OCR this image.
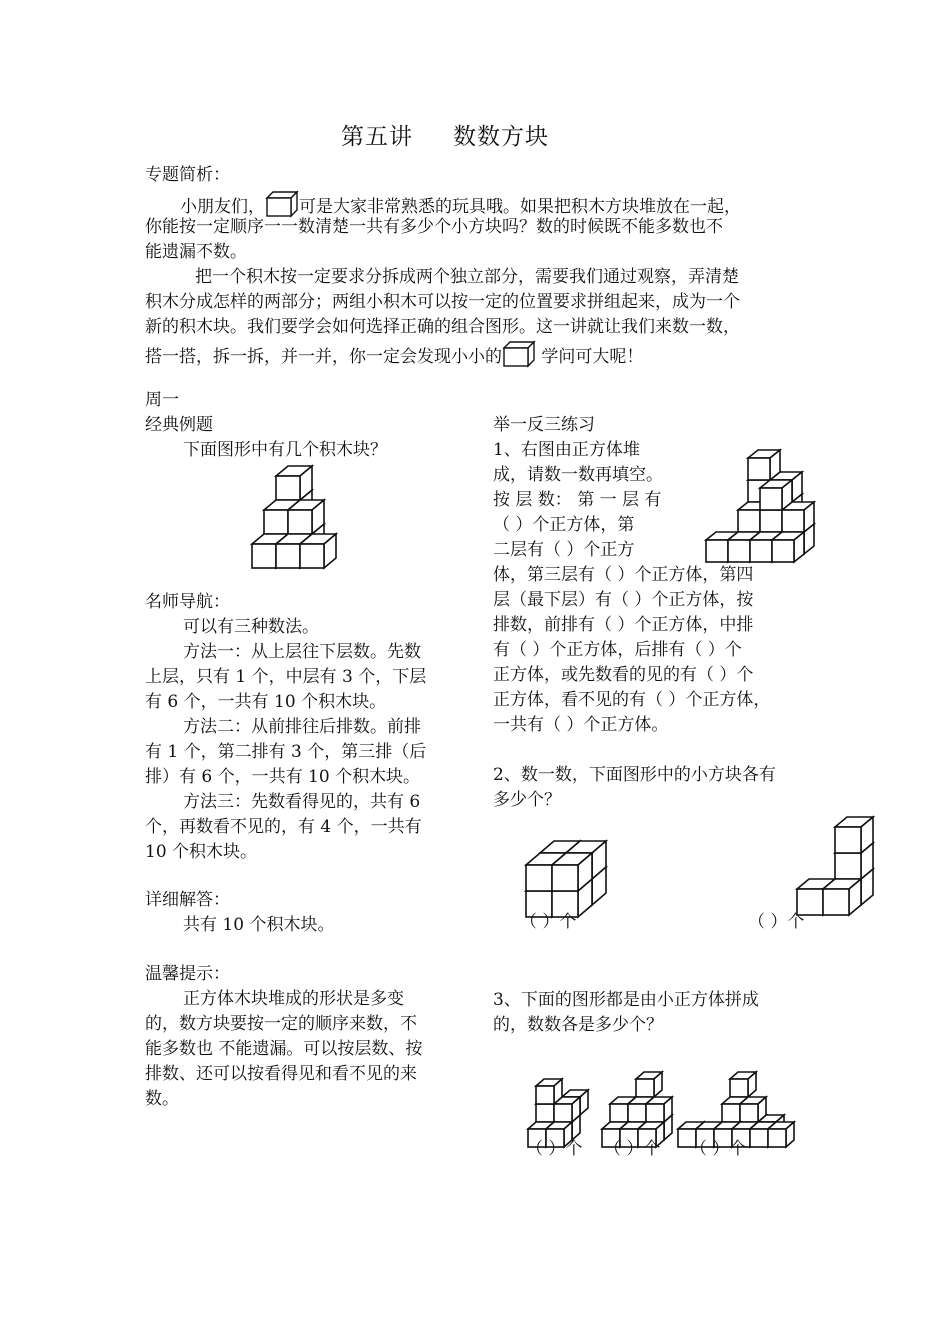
第五讲 数数方块
专题简析：
小朋友们， 可是大家非常熟悉的玩具哦。如果把积木方块堆放在一起，
你能按一定顺序一一数清楚一共有多少个小方块吗？数的时候既不能多数也不
能遗漏不数。
把一个积木按一定要求分拆成两个独立部分，需要我们通过观察，弄清楚
积木分成怎样的两部分；两组小积木可以按一定的位置要求拼组起来，成为一个
新的积木块。我们要学会如何选择正确的组合图形。这一讲就让我们来数一数，
搭一搭，拆一拆，并一并，你一定会发现小小的 学问可大呢！
周一
经典例题
下面图形中有几个积木块？
名师导航：
可以有三种数法。
方法一：从上层往下层数。先数
上层，只有 1 个，中层有 3 个，下层
有 6 个，一共有 10 个积木块。
方法二：从前排往后排数。前排
有 1 个，第二排有 3 个，第三排（后
排）有 6 个，一共有 10 个积木块。
方法三：先数看得见的，共有 6
个，再数看不见的，有 4 个，一共有
10 个积木块。
详细解答：
共有 10 个积木块。
温馨提示：
正方体木块堆成的形状是多变
的，数方块要按一定的顺序来数，不
能多数也 不能遗漏。可以按层数、按
排数、还可以按看得见和看不见的来
数。
举一反三练习
1、右图由正方体堆
成，请数一数再填空。
按 层 数： 第 一 层 有
（ ）个正方体，第
二层有（ ）个正方
体，第三层有（ ）个正方体，第四
层（最下层）有（ ）个正方体，按
排数，前排有（ ）个正方体，中排
有（ ）个正方体，后排有（ ）个
正方体，或先数看的见的有（ ）个
正方体，看不见的有（ ）个正方体，
一共有（ ）个正方体。
2、数一数，下面图形中的小方块各有
多少个？
（ ）个	（ ）个
3、下面的图形都是由小正方体拼成
的，数数各是多少个？
（ ）个 （ ）个 （ ）个
